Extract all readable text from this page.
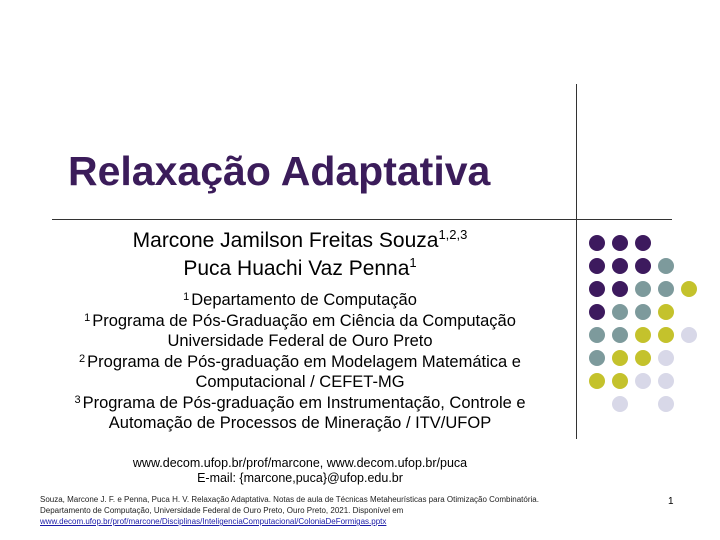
Relaxação Adaptativa
Marcone Jamilson Freitas Souza$^{1,2,3}$
Puca Huachi Vaz Penna$^1$
$^1$ Departamento de Computação
$^1$ Programa de Pós-Graduação em Ciência da Computação
Universidade Federal de Ouro Preto
$^2$ Programa de Pós-graduação em Modelagem Matemática e
Computacional / CEFET-MG
$^3$ Programa de Pós-graduação em Instrumentação, Controle e
Automação de Processos de Mineração / ITV/UFOP
www.decom.ufop.br/prof/marcone, www.decom.ufop.br/puca
E-mail: {marcone,puca}@ufop.edu.br
Souza, Marcone J. F. e Penna, Puca H. V. Relaxação Adaptativa. Notas de aula de Técnicas Metaheurísticas para Otimização Combinatória. Departamento de Computação, Universidade Federal de Ouro Preto, Ouro Preto, 2021. Disponível em
www.decom.ufop.br/prof/marcone/Disciplinas/InteligenciaComputacional/ColoniaDeFormigas.pptx
1
